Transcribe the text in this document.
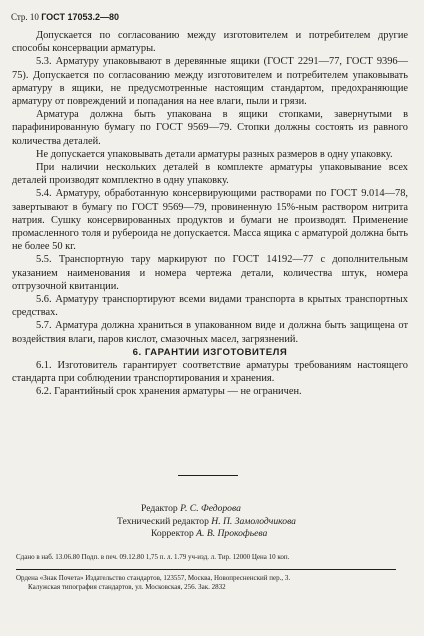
Стр. 10 ГОСТ 17053.2—80

Допускается по согласованию между изготовителем и потребителем другие способы консервации арматуры.

5.3. Арматуру упаковывают в деревянные ящики (ГОСТ 2291—77, ГОСТ 9396—75). Допускается по согласованию между изготовителем и потребителем упаковывать арматуру в ящики, не предусмотренные настоящим стандартом, предохраняющие арматуру от повреждений и попадания на нее влаги, пыли и грязи.

Арматура должна быть упакована в ящики стопками, завернутыми в парафинированную бумагу по ГОСТ 9569—79. Стопки должны состоять из равного количества деталей.

Не допускается упаковывать детали арматуры разных размеров в одну упаковку.

При наличии нескольких деталей в комплекте арматуры упаковывание всех деталей производят комплектно в одну упаковку.

5.4. Арматуру, обработанную консервирующими растворами по ГОСТ 9.014—78, завертывают в бумагу по ГОСТ 9569—79, провиненную 15%-ным раствором нитрита натрия. Сушку консервированных продуктов и бумаги не производят. Применение промасленного толя и рубероида не допускается. Масса ящика с арматурой должна быть не более 50 кг.

5.5. Транспортную тару маркируют по ГОСТ 14192—77 с дополнительным указанием наименования и номера чертежа детали, количества штук, номера отгрузочной квитанции.

5.6. Арматуру транспортируют всеми видами транспорта в крытых транспортных средствах.

5.7. Арматура должна храниться в упакованном виде и должна быть защищена от воздействия влаги, паров кислот, смазочных масел, загрязнений.

6. ГАРАНТИИ ИЗГОТОВИТЕЛЯ

6.1. Изготовитель гарантирует соответствие арматуры требованиям настоящего стандарта при соблюдении транспортирования и хранения.

6.2. Гарантийный срок хранения арматуры — не ограничен.

Редактор Р. С. Федорова
Технический редактор Н. П. Замолодчикова
Корректор А. В. Прокофьева
Сдано в наб. 13.06.80 Подп. в печ. 09.12.80 1,75 п. л. 1.79 уч-изд. л. Тир. 12000 Цена 10 коп.
Ордена «Знак Почета» Издательство стандартов, 123557, Москва, Новопресненский пер., 3.
Калужская типография стандартов, ул. Московская, 256. Зак. 2832
